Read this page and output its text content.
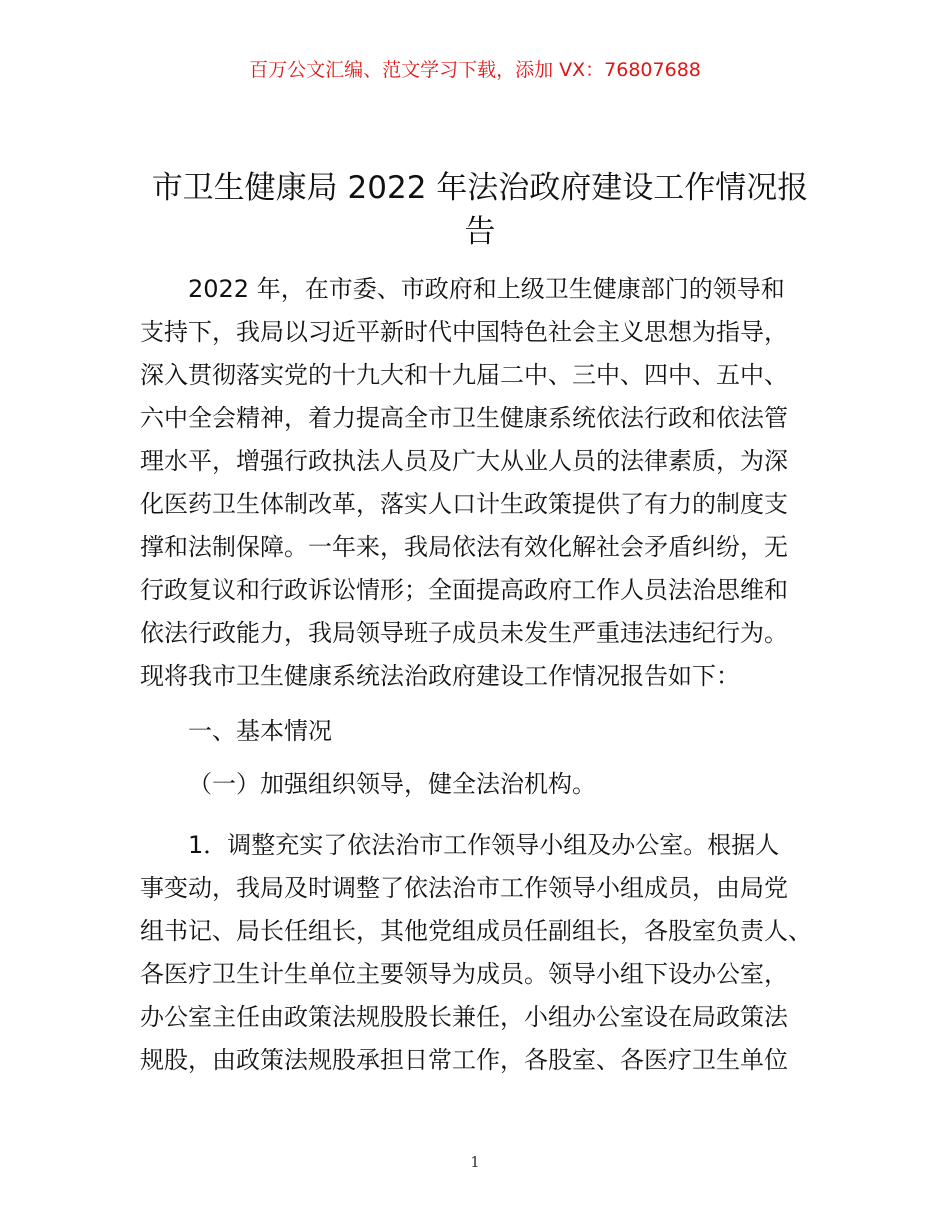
百万公文汇编、范文学习下载，添加 VX：76807688
市卫生健康局 2022 年法治政府建设工作情况报
告

2022 年，在市委、市政府和上级卫生健康部门的领导和
支持下，我局以习近平新时代中国特色社会主义思想为指导，
深入贯彻落实党的十九大和十九届二中、三中、四中、五中、
六中全会精神，着力提高全市卫生健康系统依法行政和依法管
理水平，增强行政执法人员及广大从业人员的法律素质，为深
化医药卫生体制改革，落实人口计生政策提供了有力的制度支
撑和法制保障。一年来，我局依法有效化解社会矛盾纠纷，无
行政复议和行政诉讼情形；全面提高政府工作人员法治思维和
依法行政能力，我局领导班子成员未发生严重违法违纪行为。
现将我市卫生健康系统法治政府建设工作情况报告如下：

一、基本情况

（一）加强组织领导，健全法治机构。

1．调整充实了依法治市工作领导小组及办公室。根据人
事变动，我局及时调整了依法治市工作领导小组成员，由局党
组书记、局长任组长，其他党组成员任副组长，各股室负责人、
各医疗卫生计生单位主要领导为成员。领导小组下设办公室，
办公室主任由政策法规股股长兼任，小组办公室设在局政策法
规股，由政策法规股承担日常工作，各股室、各医疗卫生单位

1
